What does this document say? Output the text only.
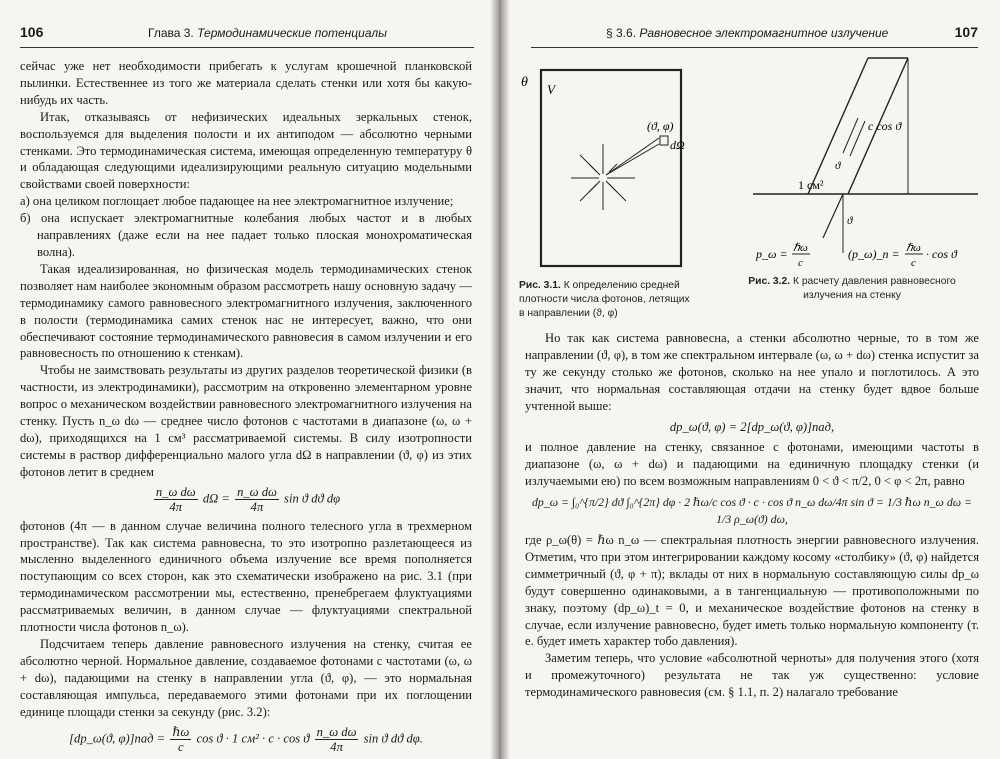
106	Глава 3. Термодинамические потенциалы

сейчас уже нет необходимости прибегать к услугам крошечной планковской пылинки. Естественнее из того же материала сделать стенки или хотя бы какую-нибудь их часть.

Итак, отказываясь от нефизических идеальных зеркальных стенок, воспользуемся для выделения полости и их антиподом — абсолютно черными стенками. Это термодинамическая система, имеющая определенную температуру θ и обладающая следующими идеализирующими реальную ситуацию модельными свойствами своей поверхности:

а) она целиком поглощает любое падающее на нее электромагнитное излучение;

б) она испускает электромагнитные колебания любых частот и в любых направлениях (даже если на нее падает только плоская монохроматическая волна).

Такая идеализированная, но физическая модель термодинамических стенок позволяет нам наиболее экономным образом рассмотреть нашу основную задачу — термодинамику самого равновесного электромагнитного излучения, заключенного в полости (термодинамика самих стенок нас не интересует, важно, что они обеспечивают состояние термодинамического равновесия в самом излучении и его равновесность по отношению к стенкам).

Чтобы не заимствовать результаты из других разделов теоретической физики (в частности, из электродинамики), рассмотрим на откровенно элементарном уровне вопрос о механическом воздействии равновесного электромагнитного излучения на стенку. Пусть n_ω dω — среднее число фотонов с частотами в диапазоне (ω, ω + dω), приходящихся на 1 см³ рассматриваемой системы. В силу изотропности системы в раствор дифференциально малого угла dΩ в направлении (ϑ, φ) из этих фотонов летит в среднем

$\frac{\text{n\_ω dω}}{4\pi}$ $d\Omega = \frac{\text{n\_ω dω}}{4\pi}$ sin ϑ dϑ dφ

фотонов (4π — в данном случае величина полного телесного угла в трехмерном пространстве). Так как система равновесна, то это изотропно разлетающееся из мысленно выделенного единичного объема излучение все время пополняется поступающим со всех сторон, как это схематически изображено на рис. 3.1 (при термодинамическом рассмотрении мы, естественно, пренебрегаем флуктуациями рассматриваемых величин, в данном случае — флуктуациями спектральной плотности числа фотонов n_ω).

Подсчитаем теперь давление равновесного излучения на стенку, считая ее абсолютно черной. Нормальное давление, создаваемое фотонами с частотами (ω, ω + dω), падающими на стенку в направлении угла (ϑ, φ), — это нормальная составляющая импульса, передаваемого этими фотонами при их поглощении единице площади стенки за секунду (рис. 3.2):

[dp_ω(ϑ, φ)]пад = ℏω
c
cos ϑ · 1 см² · c · cos ϑ $\frac{\text{n\_ω dω}}{4\pi}$ sin ϑ dϑ dφ.
§ 3.6. Равновесное электромагнитное излучение	107
θ V
(ϑ, φ)
dΩ
c cos ϑ
1 см²
ϑ
ϑ
p_ω = ℏω
c
(p_ω)_n = ℏω
c
· cos ϑ
Рис. 3.1. К определению средней плотности числа фотонов, летящих в направлении (ϑ, φ)
Рис. 3.2. К расчету давления равновесного излучения на стенку

Но так как система равновесна, а стенки абсолютно черные, то в том же направлении (ϑ, φ), в том же спектральном интервале (ω, ω + dω) стенка испустит за ту же секунду столько же фотонов, сколько на нее упало и поглотилось. А это значит, что нормальная составляющая отдачи на стенку будет вдвое больше учтенной выше:

dp_ω(ϑ, φ) = 2[dp_ω(ϑ, φ)]пад,

и полное давление на стенку, связанное с фотонами, имеющими частоты в диапазоне (ω, ω + dω) и падающими на единичную площадку стенки (и излучаемыми ею) по всем возможным направлениям 0 < ϑ < π/2, 0 < φ < 2π, равно

dp_ω = ∫₀^{π/2} dϑ ∫₀^{2π} dφ · 2 ℏω/c cos ϑ · c · cos ϑ n_ω dω/4π sin ϑ = 1/3 ℏω n_ω dω = 1/3 ρ_ω(ϑ) dω,

где ρ_ω(θ) = ℏω n_ω — спектральная плотность энергии равновесного излучения. Отметим, что при этом интегрировании каждому косому «столбику» (ϑ, φ) найдется симметричный (ϑ, φ + π); вклады от них в нормальную составляющую силы dp_ω будут совершенно одинаковыми, а в тангенциальную — противоположными по знаку, поэтому (dp_ω)_t = 0, и механическое воздействие фотонов на стенку в случае, если излучение равновесно, будет иметь только нормальную компоненту (т. е. будет иметь характер тобо давления).

Заметим теперь, что условие «абсолютной черноты» для получения этого (хотя и промежуточного) результата не так уж существенно: условие термодинамического равновесия (см. § 1.1, п. 2) налагало требование
